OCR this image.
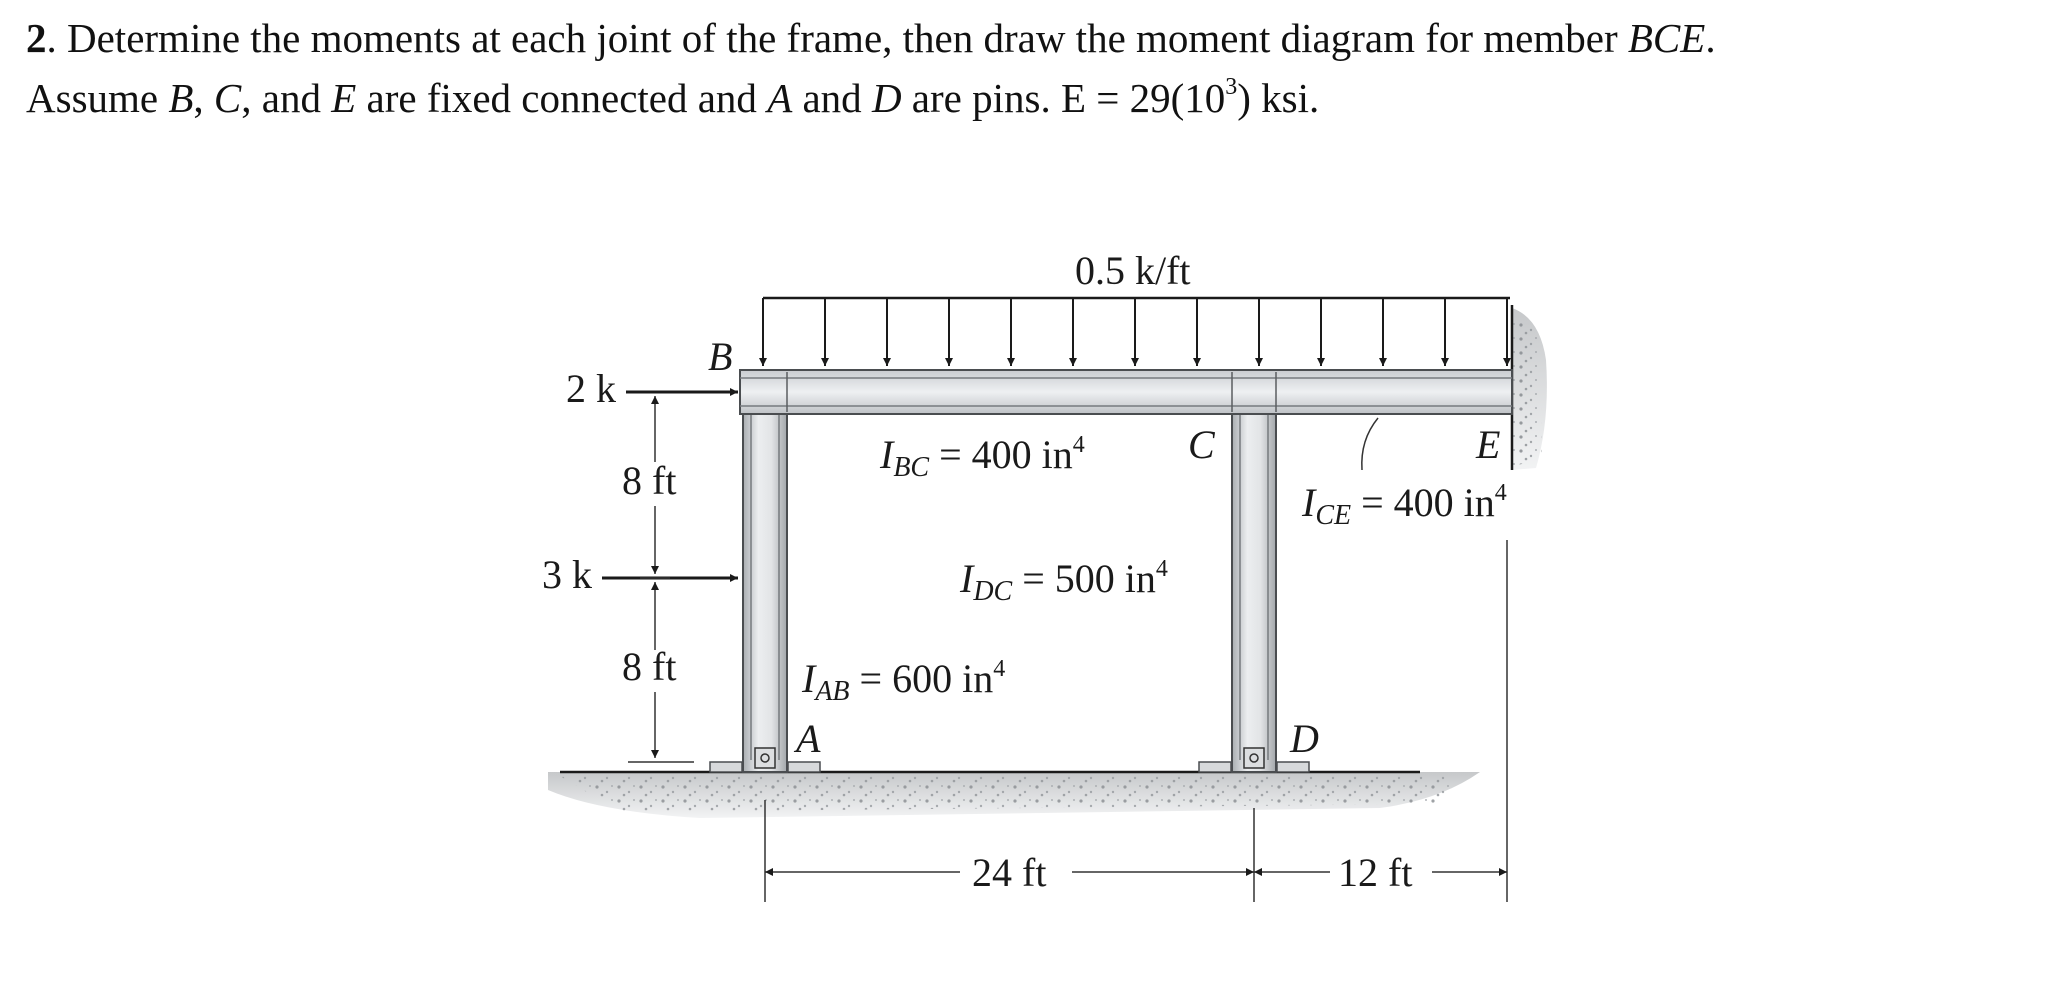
2. Determine the moments at each joint of the frame, then draw the moment diagram for member BCE.
Assume B, C, and E are fixed connected and A and D are pins. $E = 29(10^3)$ ksi.
0.5 k/ft
2 k
3 k
8 ft
8 ft
24 ft	12 ft
B
C	E
A	D
$I_{BC} = 400$ $in^4$
$I_{CE} = 400$ $in^4$
$I_{DC} = 500$ $in^4$
$I_{AB} = 600$ $in^4$
